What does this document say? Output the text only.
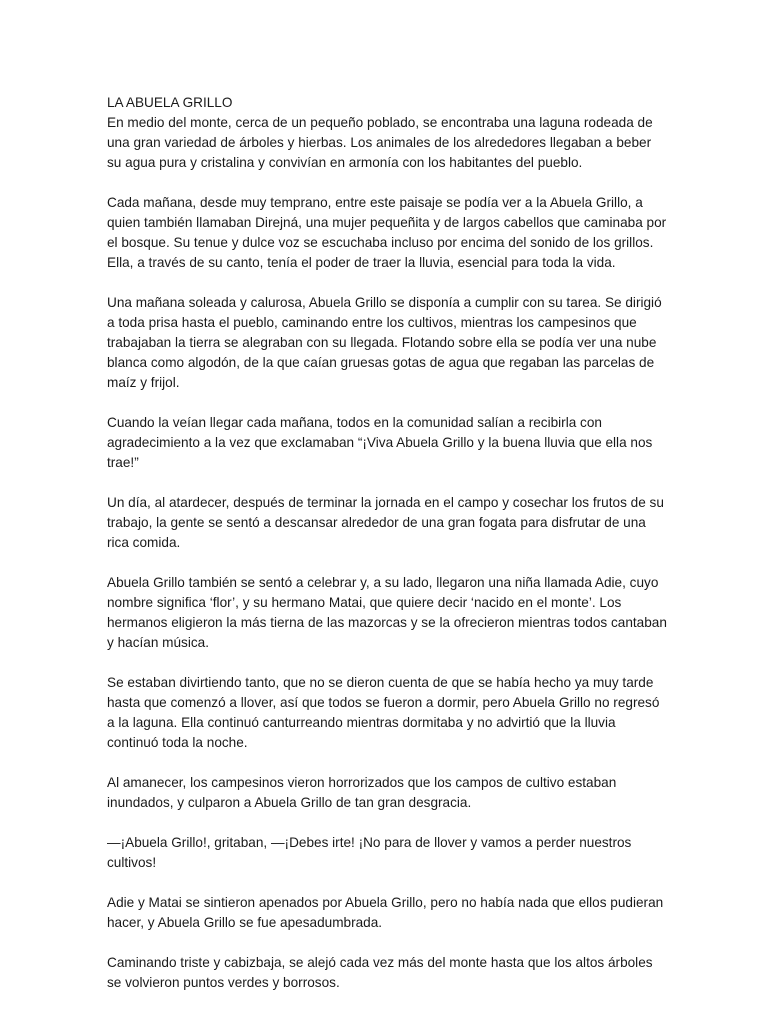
LA ABUELA GRILLO

En medio del monte, cerca de un pequeño poblado, se encontraba una laguna rodeada de una gran variedad de árboles y hierbas. Los animales de los alrededores llegaban a beber su agua pura y cristalina y convivían en armonía con los habitantes del pueblo.

Cada mañana, desde muy temprano, entre este paisaje se podía ver a la Abuela Grillo, a quien también llamaban Direjná, una mujer pequeñita y de largos cabellos que caminaba por el bosque. Su tenue y dulce voz se escuchaba incluso por encima del sonido de los grillos. Ella, a través de su canto, tenía el poder de traer la lluvia, esencial para toda la vida.

Una mañana soleada y calurosa, Abuela Grillo se disponía a cumplir con su tarea. Se dirigió a toda prisa hasta el pueblo, caminando entre los cultivos, mientras los campesinos que trabajaban la tierra se alegraban con su llegada. Flotando sobre ella se podía ver una nube blanca como algodón, de la que caían gruesas gotas de agua que regaban las parcelas de maíz y frijol.

Cuando la veían llegar cada mañana, todos en la comunidad salían a recibirla con agradecimiento a la vez que exclamaban “¡Viva Abuela Grillo y la buena lluvia que ella nos trae!”

Un día, al atardecer, después de terminar la jornada en el campo y cosechar los frutos de su trabajo, la gente se sentó a descansar alrededor de una gran fogata para disfrutar de una rica comida.

Abuela Grillo también se sentó a celebrar y, a su lado, llegaron una niña llamada Adie, cuyo nombre significa ‘flor’, y su hermano Matai, que quiere decir ‘nacido en el monte’. Los hermanos eligieron la más tierna de las mazorcas y se la ofrecieron mientras todos cantaban y hacían música.

Se estaban divirtiendo tanto, que no se dieron cuenta de que se había hecho ya muy tarde hasta que comenzó a llover, así que todos se fueron a dormir, pero Abuela Grillo no regresó a la laguna. Ella continuó canturreando mientras dormitaba y no advirtió que la lluvia continuó toda la noche.

Al amanecer, los campesinos vieron horrorizados que los campos de cultivo estaban inundados, y culparon a Abuela Grillo de tan gran desgracia.

—¡Abuela Grillo!, gritaban, —¡Debes irte! ¡No para de llover y vamos a perder nuestros cultivos!

Adie y Matai se sintieron apenados por Abuela Grillo, pero no había nada que ellos pudieran hacer, y Abuela Grillo se fue apesadumbrada.

Caminando triste y cabizbaja, se alejó cada vez más del monte hasta que los altos árboles se volvieron puntos verdes y borrosos.
